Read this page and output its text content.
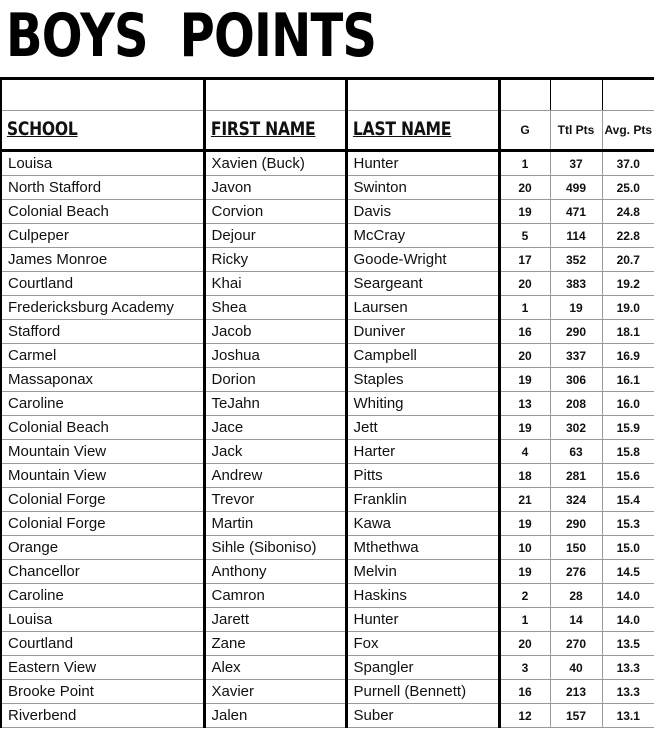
BOYS  POINTS

SCHOOL	FIRST NAME	LAST NAME	G	Ttl Pts	Avg. Pts
Louisa	Xavien (Buck)	Hunter	1	37	37.0
North Stafford	Javon	Swinton	20	499	25.0
Colonial Beach	Corvion	Davis	19	471	24.8
Culpeper	Dejour	McCray	5	114	22.8
James Monroe	Ricky	Goode-Wright	17	352	20.7
Courtland	Khai	Seargeant	20	383	19.2
Fredericksburg Academy	Shea	Laursen	1	19	19.0
Stafford	Jacob	Duniver	16	290	18.1
Carmel	Joshua	Campbell	20	337	16.9
Massaponax	Dorion	Staples	19	306	16.1
Caroline	TeJahn	Whiting	13	208	16.0
Colonial Beach	Jace	Jett	19	302	15.9
Mountain View	Jack	Harter	4	63	15.8
Mountain View	Andrew	Pitts	18	281	15.6
Colonial Forge	Trevor	Franklin	21	324	15.4
Colonial Forge	Martin	Kawa	19	290	15.3
Orange	Sihle (Siboniso)	Mthethwa	10	150	15.0
Chancellor	Anthony	Melvin	19	276	14.5
Caroline	Camron	Haskins	2	28	14.0
Louisa	Jarett	Hunter	1	14	14.0
Courtland	Zane	Fox	20	270	13.5
Eastern View	Alex	Spangler	3	40	13.3
Brooke Point	Xavier	Purnell (Bennett)	16	213	13.3
Riverbend	Jalen	Suber	12	157	13.1
